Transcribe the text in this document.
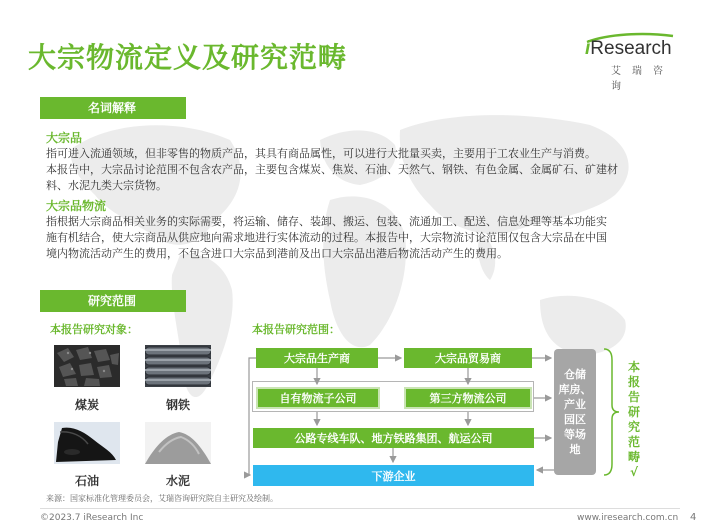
大宗物流定义及研究范畴	iResearch
艾瑞咨询
名词解释
大宗品
指可进入流通领域，但非零售的物质产品，其具有商品属性，可以进行大批量买卖，主要用于工农业生产与消费。
本报告中，大宗品讨论范围不包含农产品，主要包含煤炭、焦炭、石油、天然气、钢铁、有色金属、金属矿石、矿建材
料、水泥九类大宗货物。
大宗品物流
指根据大宗商品相关业务的实际需要，将运输、储存、装卸、搬运、包装、流通加工、配送、信息处理等基本功能实
施有机结合，使大宗商品从供应地向需求地进行实体流动的过程。本报告中，大宗物流讨论范围仅包含大宗品在中国
境内物流活动产生的费用，不包含进口大宗品到港前及出口大宗品出港后物流活动产生的费用。
研究范围
本报告研究对象：	本报告研究范围：
煤炭	钢铁
石油	水泥
大宗品生产商	大宗品贸易商
自有物流子公司	第三方物流公司
公路专线车队、地方铁路集团、航运公司
下游企业
仓储
库房、
产业
园区
等场
地
本报告研究范畴√
来源：国家标准化管理委员会，艾瑞咨询研究院自主研究及绘制。
©2023.7 iResearch Inc	www.iresearch.com.cn 4
